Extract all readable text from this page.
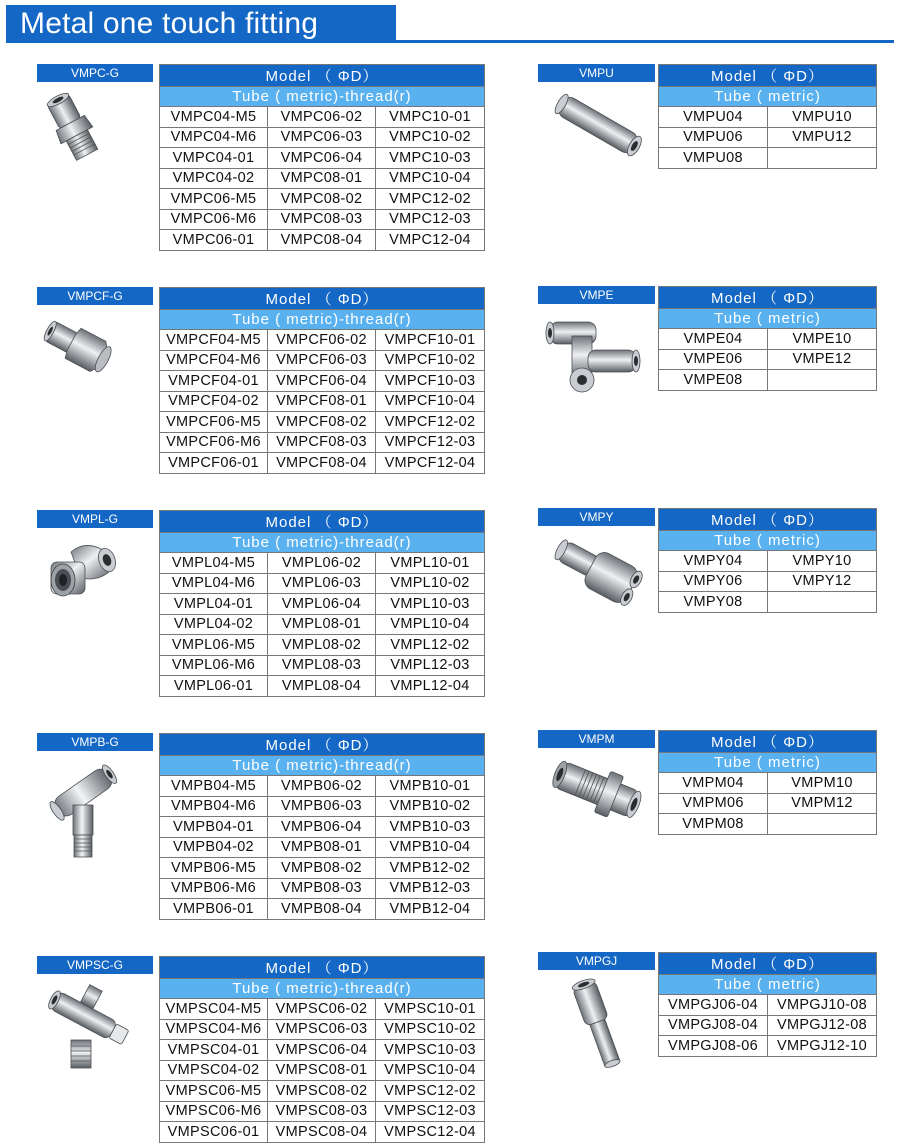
Metal one touch fitting
VMPC-G	Model （ ΦD）		
Tube ( metric)-thread(r)		
VMPC04-M5	VMPC06-02	VMPC10-01
VMPC04-M6	VMPC06-03	VMPC10-02
VMPC04-01	VMPC06-04	VMPC10-03
VMPC04-02	VMPC08-01	VMPC10-04
VMPC06-M5	VMPC08-02	VMPC12-02
VMPC06-M6	VMPC08-03	VMPC12-03
VMPC06-01	VMPC08-04	VMPC12-04
VMPCF-G	Model （ ΦD）		
Tube ( metric)-thread(r)		
VMPCF04-M5	VMPCF06-02	VMPCF10-01
VMPCF04-M6	VMPCF06-03	VMPCF10-02
VMPCF04-01	VMPCF06-04	VMPCF10-03
VMPCF04-02	VMPCF08-01	VMPCF10-04
VMPCF06-M5	VMPCF08-02	VMPCF12-02
VMPCF06-M6	VMPCF08-03	VMPCF12-03
VMPCF06-01	VMPCF08-04	VMPCF12-04
VMPL-G	Model （ ΦD）		
Tube ( metric)-thread(r)		
VMPL04-M5	VMPL06-02	VMPL10-01
VMPL04-M6	VMPL06-03	VMPL10-02
VMPL04-01	VMPL06-04	VMPL10-03
VMPL04-02	VMPL08-01	VMPL10-04
VMPL06-M5	VMPL08-02	VMPL12-02
VMPL06-M6	VMPL08-03	VMPL12-03
VMPL06-01	VMPL08-04	VMPL12-04
VMPB-G	Model （ ΦD）		
Tube ( metric)-thread(r)		
VMPB04-M5	VMPB06-02	VMPB10-01
VMPB04-M6	VMPB06-03	VMPB10-02
VMPB04-01	VMPB06-04	VMPB10-03
VMPB04-02	VMPB08-01	VMPB10-04
VMPB06-M5	VMPB08-02	VMPB12-02
VMPB06-M6	VMPB08-03	VMPB12-03
VMPB06-01	VMPB08-04	VMPB12-04
VMPSC-G	Model （ ΦD）		
Tube ( metric)-thread(r)		
VMPSC04-M5	VMPSC06-02	VMPSC10-01
VMPSC04-M6	VMPSC06-03	VMPSC10-02
VMPSC04-01	VMPSC06-04	VMPSC10-03
VMPSC04-02	VMPSC08-01	VMPSC10-04
VMPSC06-M5	VMPSC08-02	VMPSC12-02
VMPSC06-M6	VMPSC08-03	VMPSC12-03
VMPSC06-01	VMPSC08-04	VMPSC12-04
VMPU	Model （ ΦD）	
Tube ( metric)	
VMPU04	VMPU10
VMPU06	VMPU12
VMPU08	
VMPE	Model （ ΦD）	
Tube ( metric)	
VMPE04	VMPE10
VMPE06	VMPE12
VMPE08	
VMPY	Model （ ΦD）	
Tube ( metric)	
VMPY04	VMPY10
VMPY06	VMPY12
VMPY08	
VMPM	Model （ ΦD）	
Tube ( metric)	
VMPM04	VMPM10
VMPM06	VMPM12
VMPM08	
VMPGJ	Model （ ΦD）	
Tube ( metric)	
VMPGJ06-04	VMPGJ10-08
VMPGJ08-04	VMPGJ12-08
VMPGJ08-06	VMPGJ12-10
